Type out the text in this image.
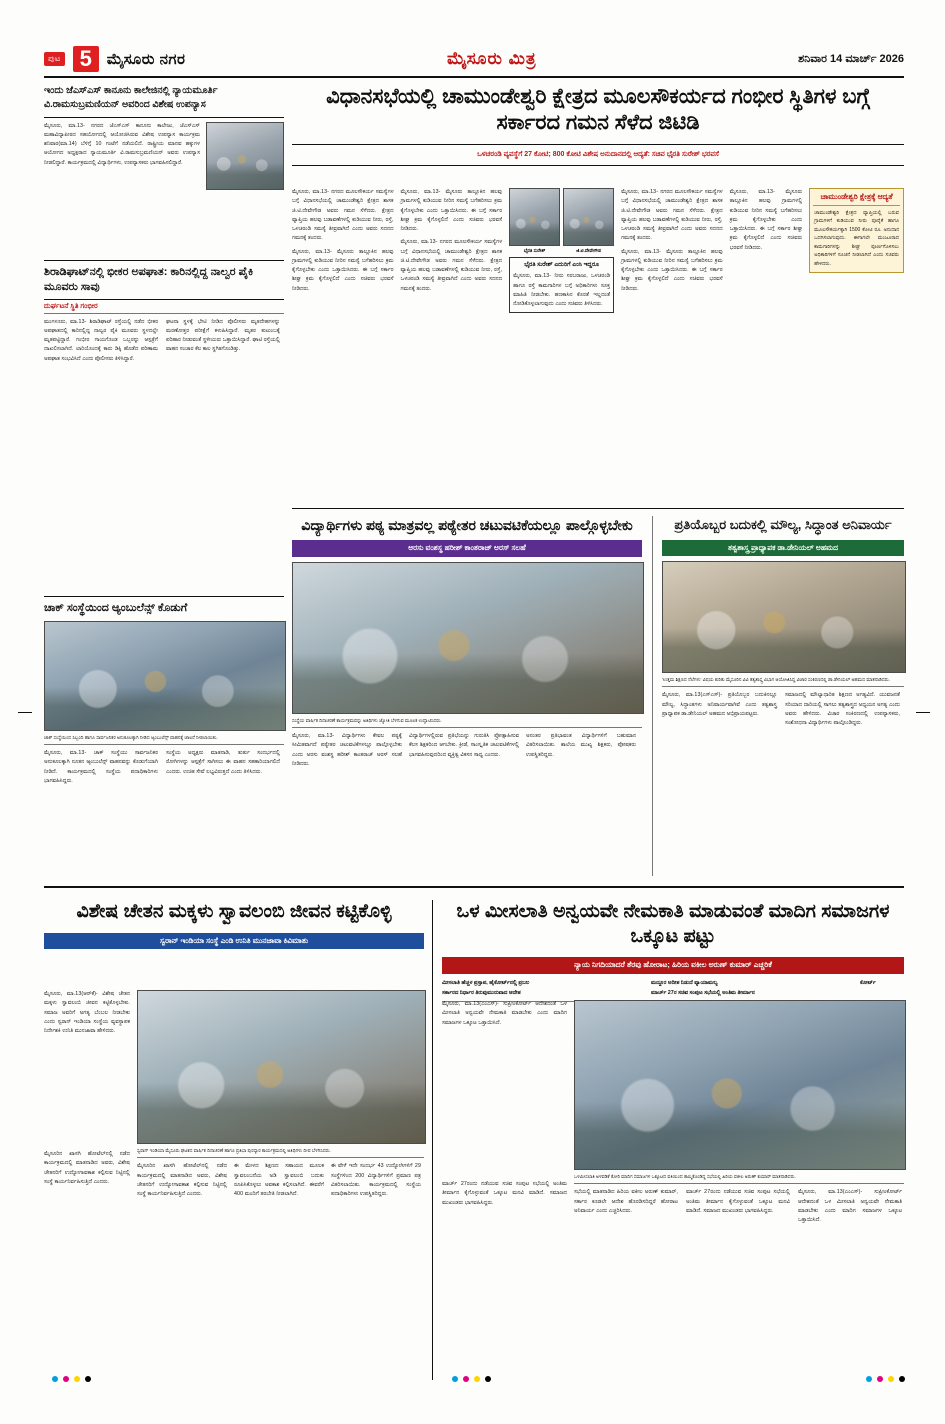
ಪುಟ 5 ಮೈಸೂರು ನಗರ	ಮೈಸೂರು ಮಿತ್ರ	ಶನಿವಾರ 14 ಮಾರ್ಚ್ 2026
ಇಂದು ಜೆಎಸ್‌ಎಸ್ ಕಾನೂನು ಕಾಲೇಜಿನಲ್ಲಿ ನ್ಯಾಯಮೂರ್ತಿ ವಿ.ರಾಮಸುಬ್ರಮಣಿಯನ್ ಅವರಿಂದ ವಿಶೇಷ ಉಪನ್ಯಾಸ
ಮೈಸೂರು, ಮಾ.13- ನಗರದ ಜೆಎಸ್‌ಎಸ್ ಕಾನೂನು ಕಾಲೇಜು, ಜೆಎಸ್‌ಎಸ್ ಮಹಾವಿದ್ಯಾಪೀಠದ ಸಹಯೋಗದಲ್ಲಿ ಆಯೋಜಿಸಿರುವ ವಿಶೇಷ ಉಪನ್ಯಾಸ ಕಾರ್ಯಕ್ರಮ ಶನಿವಾರ(ಮಾ.14) ಬೆಳಿಗ್ಗೆ 10 ಗಂಟೆಗೆ ನಡೆಯಲಿದೆ. ರಾಷ್ಟ್ರೀಯ ಮಾನವ ಹಕ್ಕುಗಳ ಆಯೋಗದ ಅಧ್ಯಕ್ಷರಾದ ನ್ಯಾಯಮೂರ್ತಿ ವಿ.ರಾಮಸುಬ್ರಮಣಿಯನ್ ಅವರು ಉಪನ್ಯಾಸ ನೀಡಲಿದ್ದಾರೆ. ಕಾರ್ಯಕ್ರಮದಲ್ಲಿ ವಿದ್ಯಾರ್ಥಿಗಳು, ಉಪನ್ಯಾಸಕರು ಭಾಗವಹಿಸಲಿದ್ದಾರೆ.
ಶಿರಾಡಿಘಾಟ್‌ನಲ್ಲಿ ಭೀಕರ ಅಪಘಾತ: ಕಾರಿನಲ್ಲಿದ್ದ ನಾಲ್ವರ ಪೈಕಿ ಮೂವರು ಸಾವು
ದುರ್ಘಟನೆ ಸ್ಥಿತಿ ಗಂಭೀರ
ಮಂಗಳೂರು, ಮಾ.13- ಶಿರಾಡಿಘಾಟ್ ರಸ್ತೆಯಲ್ಲಿ ನಡೆದ ಭೀಕರ ಅಪಘಾತದಲ್ಲಿ ಕಾರಿನಲ್ಲಿದ್ದ ನಾಲ್ವರ ಪೈಕಿ ಮೂವರು ಸ್ಥಳದಲ್ಲೇ ಮೃತಪಟ್ಟಿದ್ದಾರೆ. ಗಂಭೀರ ಗಾಯಗೊಂಡ ಒಬ್ಬರನ್ನು ಆಸ್ಪತ್ರೆಗೆ ದಾಖಲಿಸಲಾಗಿದೆ. ಲಾರಿಯೊಂದಕ್ಕೆ ಕಾರು ಡಿಕ್ಕಿ ಹೊಡೆದ ಪರಿಣಾಮ ಅಪಘಾತ ಸಂಭವಿಸಿದೆ ಎಂದು ಪೊಲೀಸರು ತಿಳಿಸಿದ್ದಾರೆ.
ಘಟನಾ ಸ್ಥಳಕ್ಕೆ ಭೇಟಿ ನೀಡಿದ ಪೊಲೀಸರು ಮೃತದೇಹಗಳನ್ನು ಮರಣೋತ್ತರ ಪರೀಕ್ಷೆಗೆ ಕಳುಹಿಸಿದ್ದಾರೆ. ಮೃತರ ಕುಟುಂಬಕ್ಕೆ ಪರಿಹಾರ ನೀಡುವಂತೆ ಸ್ಥಳೀಯರು ಒತ್ತಾಯಿಸಿದ್ದಾರೆ. ಘಾಟಿ ರಸ್ತೆಯಲ್ಲಿ ವಾಹನ ಸಂಚಾರ ಕೆಲ ಕಾಲ ಸ್ಥಗಿತಗೊಂಡಿತ್ತು.
ಚಾಕ್ ಸಂಸ್ಥೆಯಿಂದ ಆ್ಯಂಬುಲೆನ್ಸ್ ಕೊಡುಗೆ
ಚಾಕ್ ಸಂಸ್ಥೆಯಿಂದ ಸಿಬ್ಬಂದಿ ಹಾಗೂ ಸಾರ್ವಜನಿಕರ ಅನುಕೂಲಕ್ಕಾಗಿ ನೀಡಿದ ಆ್ಯಂಬುಲೆನ್ಸ್ ವಾಹನಕ್ಕೆ ಚಾಲನೆ ನೀಡಲಾಯಿತು.
ಮೈಸೂರು, ಮಾ.13- ಚಾಕ್ ಸಂಸ್ಥೆಯು ಸಾರ್ವಜನಿಕರ ಅನುಕೂಲಕ್ಕಾಗಿ ನೂತನ ಆ್ಯಂಬುಲೆನ್ಸ್ ವಾಹನವನ್ನು ಕೊಡುಗೆಯಾಗಿ ನೀಡಿದೆ. ಕಾರ್ಯಕ್ರಮದಲ್ಲಿ ಸಂಸ್ಥೆಯ ಪದಾಧಿಕಾರಿಗಳು ಭಾಗವಹಿಸಿದ್ದರು.
ಸಂಸ್ಥೆಯ ಅಧ್ಯಕ್ಷರು ಮಾತನಾಡಿ, ತುರ್ತು ಸಂದರ್ಭದಲ್ಲಿ ರೋಗಿಗಳನ್ನು ಆಸ್ಪತ್ರೆಗೆ ಸಾಗಿಸಲು ಈ ವಾಹನ ಸಹಕಾರಿಯಾಗಲಿದೆ ಎಂದರು. ಉಚಿತ ಸೇವೆ ಲಭ್ಯವಿರುತ್ತದೆ ಎಂದು ತಿಳಿಸಿದರು.
ವಿಧಾನಸಭೆಯಲ್ಲಿ ಚಾಮುಂಡೇಶ್ವರಿ ಕ್ಷೇತ್ರದ ಮೂಲಸೌಕರ್ಯದ ಗಂಭೀರ ಸ್ಥಿತಿಗಳ ಬಗ್ಗೆ ಸರ್ಕಾರದ ಗಮನ ಸೆಳೆದ ಜಿಟಿಡಿ
ಒಳಚರಂಡಿ ವ್ಯವಸ್ಥೆಗೆ 27 ಕೋಟಿ; 800 ಕೋಟಿ ವಿಶೇಷ ಅನುದಾನದಲ್ಲಿ ಆದ್ಯತೆ: ಸಚಿವ ಭೈರತಿ ಸುರೇಶ್ ಭರವಸೆ
ಮೈಸೂರು, ಮಾ.13- ನಗರದ ಮೂಲಸೌಕರ್ಯ ಸಮಸ್ಯೆಗಳ ಬಗ್ಗೆ ವಿಧಾನಸಭೆಯಲ್ಲಿ ಚಾಮುಂಡೇಶ್ವರಿ ಕ್ಷೇತ್ರದ ಶಾಸಕ ಜಿ.ಟಿ.ದೇವೇಗೌಡ ಅವರು ಗಮನ ಸೆಳೆದರು. ಕ್ಷೇತ್ರದ ವ್ಯಾಪ್ತಿಯ ಹಲವು ಬಡಾವಣೆಗಳಲ್ಲಿ ಕುಡಿಯುವ ನೀರು, ರಸ್ತೆ, ಒಳಚರಂಡಿ ಸಮಸ್ಯೆ ತೀವ್ರವಾಗಿದೆ ಎಂದು ಅವರು ಸದನದ ಗಮನಕ್ಕೆ ತಂದರು.
ಮೈಸೂರು, ಮಾ.13- ಮೈಸೂರು ತಾಲ್ಲೂಕಿನ ಹಲವು ಗ್ರಾಮಗಳಲ್ಲಿ ಕುಡಿಯುವ ನೀರಿನ ಸಮಸ್ಯೆ ಬಗೆಹರಿಸಲು ಕ್ರಮ ಕೈಗೊಳ್ಳಬೇಕು ಎಂದು ಒತ್ತಾಯಿಸಿದರು. ಈ ಬಗ್ಗೆ ಸರ್ಕಾರ ಶೀಘ್ರ ಕ್ರಮ ಕೈಗೊಳ್ಳಲಿದೆ ಎಂದು ಸಚಿವರು ಭರವಸೆ ನೀಡಿದರು.
ಮೈಸೂರು, ಮಾ.13- ಮೈಸೂರು ತಾಲ್ಲೂಕಿನ ಹಲವು ಗ್ರಾಮಗಳಲ್ಲಿ ಕುಡಿಯುವ ನೀರಿನ ಸಮಸ್ಯೆ ಬಗೆಹರಿಸಲು ಕ್ರಮ ಕೈಗೊಳ್ಳಬೇಕು ಎಂದು ಒತ್ತಾಯಿಸಿದರು. ಈ ಬಗ್ಗೆ ಸರ್ಕಾರ ಶೀಘ್ರ ಕ್ರಮ ಕೈಗೊಳ್ಳಲಿದೆ ಎಂದು ಸಚಿವರು ಭರವಸೆ ನೀಡಿದರು.
ಮೈಸೂರು, ಮಾ.13- ನಗರದ ಮೂಲಸೌಕರ್ಯ ಸಮಸ್ಯೆಗಳ ಬಗ್ಗೆ ವಿಧಾನಸಭೆಯಲ್ಲಿ ಚಾಮುಂಡೇಶ್ವರಿ ಕ್ಷೇತ್ರದ ಶಾಸಕ ಜಿ.ಟಿ.ದೇವೇಗೌಡ ಅವರು ಗಮನ ಸೆಳೆದರು. ಕ್ಷೇತ್ರದ ವ್ಯಾಪ್ತಿಯ ಹಲವು ಬಡಾವಣೆಗಳಲ್ಲಿ ಕುಡಿಯುವ ನೀರು, ರಸ್ತೆ, ಒಳಚರಂಡಿ ಸಮಸ್ಯೆ ತೀವ್ರವಾಗಿದೆ ಎಂದು ಅವರು ಸದನದ ಗಮನಕ್ಕೆ ತಂದರು.
ಭೈರತಿ ಸುರೇಶ್	ಜಿ.ಟಿ.ದೇವೇಗೌಡ
ಭೈರತಿ ಸುರೇಶ್ ಎದುರಿಗೆ ಎಂಸಿ ಇದ್ದರೂ
ಮೈಸೂರು, ಮಾ.13- ನೀರು ಸರಬರಾಜು, ಒಳಚರಂಡಿ ಹಾಗೂ ರಸ್ತೆ ಕಾಮಗಾರಿಗಳ ಬಗ್ಗೆ ಅಧಿಕಾರಿಗಳು ಸೂಕ್ತ ಮಾಹಿತಿ ನೀಡಬೇಕು. ಹಣಕಾಸಿನ ಕೊರತೆ ಇಲ್ಲದಂತೆ ನೋಡಿಕೊಳ್ಳಲಾಗುವುದು ಎಂದು ಸಚಿವರು ತಿಳಿಸಿದರು.
ಮೈಸೂರು, ಮಾ.13- ನಗರದ ಮೂಲಸೌಕರ್ಯ ಸಮಸ್ಯೆಗಳ ಬಗ್ಗೆ ವಿಧಾನಸಭೆಯಲ್ಲಿ ಚಾಮುಂಡೇಶ್ವರಿ ಕ್ಷೇತ್ರದ ಶಾಸಕ ಜಿ.ಟಿ.ದೇವೇಗೌಡ ಅವರು ಗಮನ ಸೆಳೆದರು. ಕ್ಷೇತ್ರದ ವ್ಯಾಪ್ತಿಯ ಹಲವು ಬಡಾವಣೆಗಳಲ್ಲಿ ಕುಡಿಯುವ ನೀರು, ರಸ್ತೆ, ಒಳಚರಂಡಿ ಸಮಸ್ಯೆ ತೀವ್ರವಾಗಿದೆ ಎಂದು ಅವರು ಸದನದ ಗಮನಕ್ಕೆ ತಂದರು.
ಮೈಸೂರು, ಮಾ.13- ಮೈಸೂರು ತಾಲ್ಲೂಕಿನ ಹಲವು ಗ್ರಾಮಗಳಲ್ಲಿ ಕುಡಿಯುವ ನೀರಿನ ಸಮಸ್ಯೆ ಬಗೆಹರಿಸಲು ಕ್ರಮ ಕೈಗೊಳ್ಳಬೇಕು ಎಂದು ಒತ್ತಾಯಿಸಿದರು. ಈ ಬಗ್ಗೆ ಸರ್ಕಾರ ಶೀಘ್ರ ಕ್ರಮ ಕೈಗೊಳ್ಳಲಿದೆ ಎಂದು ಸಚಿವರು ಭರವಸೆ ನೀಡಿದರು.
ಮೈಸೂರು, ಮಾ.13- ಮೈಸೂರು ತಾಲ್ಲೂಕಿನ ಹಲವು ಗ್ರಾಮಗಳಲ್ಲಿ ಕುಡಿಯುವ ನೀರಿನ ಸಮಸ್ಯೆ ಬಗೆಹರಿಸಲು ಕ್ರಮ ಕೈಗೊಳ್ಳಬೇಕು ಎಂದು ಒತ್ತಾಯಿಸಿದರು. ಈ ಬಗ್ಗೆ ಸರ್ಕಾರ ಶೀಘ್ರ ಕ್ರಮ ಕೈಗೊಳ್ಳಲಿದೆ ಎಂದು ಸಚಿವರು ಭರವಸೆ ನೀಡಿದರು.
ಚಾಮುಂಡೇಶ್ವರಿ ಕ್ಷೇತ್ರಕ್ಕೆ ಆದ್ಯತೆ
ಚಾಮುಂಡೇಶ್ವರಿ ಕ್ಷೇತ್ರದ ವ್ಯಾಪ್ತಿಯಲ್ಲಿ ಬರುವ ಗ್ರಾಮಗಳಿಗೆ ಕುಡಿಯುವ ನೀರು ಪೂರೈಕೆ ಹಾಗೂ ಮೂಲಸೌಕರ್ಯಕ್ಕಾಗಿ 1500 ಕೋಟಿ ರೂ. ಅನುದಾನ ಒದಗಿಸಲಾಗುವುದು. ಈಗಾಗಲೇ ಮಂಜೂರಾದ ಕಾಮಗಾರಿಗಳನ್ನು ಶೀಘ್ರ ಪೂರ್ಣಗೊಳಿಸಲು ಅಧಿಕಾರಿಗಳಿಗೆ ಸೂಚನೆ ನೀಡಲಾಗಿದೆ ಎಂದು ಸಚಿವರು ಹೇಳಿದರು.
ವಿದ್ಯಾರ್ಥಿಗಳು ಪಠ್ಯ ಮಾತ್ರವಲ್ಲ ಪಠ್ಯೇತರ ಚಟುವಟಿಕೆಯಲ್ಲೂ ಪಾಲ್ಗೊಳ್ಳಬೇಕು
ಅರಸು ವಂಶಸ್ಥ ಹರೀಶ್ ಕಾಂತರಾಜ್ ಅರಸ್ ಸಲಹೆ
ಸಂಸ್ಥೆಯ ವಾರ್ಷಿಕ ದಿನಾಚರಣೆ ಕಾರ್ಯಕ್ರಮವನ್ನು ಅತಿಥಿಗಳು ಜ್ಯೋತಿ ಬೆಳಗುವ ಮೂಲಕ ಉದ್ಘಾಟಿಸಿದರು.
ಮೈಸೂರು, ಮಾ.13- ವಿದ್ಯಾರ್ಥಿಗಳು ಕೇವಲ ಪಠ್ಯಕ್ಕೆ ಸೀಮಿತವಾಗದೆ ಪಠ್ಯೇತರ ಚಟುವಟಿಕೆಗಳಲ್ಲೂ ಪಾಲ್ಗೊಳ್ಳಬೇಕು ಎಂದು ಅರಸು ವಂಶಸ್ಥ ಹರೀಶ್ ಕಾಂತರಾಜ್ ಅರಸ್ ಸಲಹೆ ನೀಡಿದರು.
ವಿದ್ಯಾರ್ಥಿಗಳಲ್ಲಿರುವ ಪ್ರತಿಭೆಯನ್ನು ಗುರುತಿಸಿ ಪ್ರೋತ್ಸಾಹಿಸುವ ಕೆಲಸ ಶಿಕ್ಷಕರಿಂದ ಆಗಬೇಕು. ಕ್ರೀಡೆ, ಸಾಂಸ್ಕೃತಿಕ ಚಟುವಟಿಕೆಗಳಲ್ಲಿ ಭಾಗವಹಿಸುವುದರಿಂದ ವ್ಯಕ್ತಿತ್ವ ವಿಕಸನ ಸಾಧ್ಯ ಎಂದರು.
ಅನಂತರ ಪ್ರತಿಭಾವಂತ ವಿದ್ಯಾರ್ಥಿಗಳಿಗೆ ಬಹುಮಾನ ವಿತರಿಸಲಾಯಿತು. ಶಾಲೆಯ ಮುಖ್ಯ ಶಿಕ್ಷಕರು, ಪೋಷಕರು ಉಪಸ್ಥಿತರಿದ್ದರು.
ಪ್ರತಿಯೊಬ್ಬರ ಬದುಕಲ್ಲಿ ಮೌಲ್ಯ, ಸಿದ್ಧಾಂತ ಅನಿವಾರ್ಯ
ತತ್ವಶಾಸ್ತ್ರ ಪ್ರಾಧ್ಯಾಪಕ ಡಾ.ಡೇನಿಯಲ್ ಅಹಮದ
'ಉತ್ತಮ ಶಿಕ್ಷಣದ ನೆಲೆಗಳು' ವಿಷಯ ಕುರಿತು ಮೈಸೂರಿನ ವಿವಿ ತತ್ವಶಾಸ್ತ್ರ ವಿಭಾಗ ಆಯೋಜಿಸಿದ್ದ ವಿಚಾರ ಸಂಕಿರಣದಲ್ಲಿ ಡಾ.ಡೇನಿಯಲ್ ಅಹಮದ ಮಾತನಾಡಿದರು.
ಮೈಸೂರು, ಮಾ.13(ಎಸ್‌ಎಸ್)- ಪ್ರತಿಯೊಬ್ಬರ ಬದುಕಿನಲ್ಲೂ ಮೌಲ್ಯ, ಸಿದ್ಧಾಂತಗಳು ಅನಿವಾರ್ಯವಾಗಿವೆ ಎಂದು ತತ್ವಶಾಸ್ತ್ರ ಪ್ರಾಧ್ಯಾಪಕ ಡಾ.ಡೇನಿಯಲ್ ಅಹಮದ ಅಭಿಪ್ರಾಯಪಟ್ಟರು.
ಸಮಾಜದಲ್ಲಿ ಮೌಲ್ಯಾಧಾರಿತ ಶಿಕ್ಷಣದ ಅಗತ್ಯವಿದೆ. ಯುವಜನತೆ ಸರಿಯಾದ ದಾರಿಯಲ್ಲಿ ಸಾಗಲು ತತ್ವಶಾಸ್ತ್ರದ ಅಧ್ಯಯನ ಅಗತ್ಯ ಎಂದು ಅವರು ಹೇಳಿದರು. ವಿಚಾರ ಸಂಕಿರಣದಲ್ಲಿ ಉಪನ್ಯಾಸಕರು, ಸಂಶೋಧನಾ ವಿದ್ಯಾರ್ಥಿಗಳು ಪಾಲ್ಗೊಂಡಿದ್ದರು.
ವಿಶೇಷ ಚೇತನ ಮಕ್ಕಳು ಸ್ವಾವಲಂಬಿ ಜೀವನ ಕಟ್ಟಿಕೊಳ್ಳಿ
ಸ್ವರಾನ್ ಇಂಡಿಯಾ ಸಂಸ್ಥೆ ಎಂಡಿ ಉನಿತಿ ಮುನಜಾವಾ ಕಿವಿಮಾತು
ಮೈಸೂರು, ಮಾ.13(ಆರ್‌ಕೆ)- ವಿಶೇಷ ಚೇತನ ಮಕ್ಕಳು ಸ್ವಾವಲಂಬಿ ಜೀವನ ಕಟ್ಟಿಕೊಳ್ಳಬೇಕು. ಸಮಾಜ ಅವರಿಗೆ ಅಗತ್ಯ ಬೆಂಬಲ ನೀಡಬೇಕು ಎಂದು ಸ್ವರಾನ್ ಇಂಡಿಯಾ ಸಂಸ್ಥೆಯ ವ್ಯವಸ್ಥಾಪಕ ನಿರ್ದೇಶಕಿ ಉನಿತಿ ಮುನಜಾವಾ ಹೇಳಿದರು.
ಸ್ವರಾನ್ ಇಂಡಿಯಾ ಮೈಸೂರು ಘಟಕದ ವಾರ್ಷಿಕ ದಿನಾಚರಣೆ ಹಾಗೂ ಪ್ರತಿಭಾ ಪುರಸ್ಕಾರ ಕಾರ್ಯಕ್ರಮದಲ್ಲಿ ಅತಿಥಿಗಳು ದೀಪ ಬೆಳಗಿಸಿದರು.
ಮೈಸೂರಿನ ಖಾಸಗಿ ಹೋಟೆಲ್‌ನಲ್ಲಿ ನಡೆದ ಕಾರ್ಯಕ್ರಮದಲ್ಲಿ ಮಾತನಾಡಿದ ಅವರು, ವಿಶೇಷ ಚೇತನರಿಗೆ ಉದ್ಯೋಗಾವಕಾಶ ಕಲ್ಪಿಸುವ ನಿಟ್ಟಿನಲ್ಲಿ ಸಂಸ್ಥೆ ಕಾರ್ಯನಿರ್ವಹಿಸುತ್ತಿದೆ ಎಂದರು.
ಈ ಮೇಳದ ಶಿಕ್ಷಣದ ಸಹಾಯದ ಮೂಲಕ ಸ್ವಾವಲಂಬನೆಯ ಅಡಿ ಸ್ವಾವಲಂಬಿ ಬದುಕು ರೂಪಿಸಿಕೊಳ್ಳಲು ಅವಕಾಶ ಕಲ್ಪಿಸಲಾಗಿದೆ. ಈವರೆಗೆ 400 ಮಂದಿಗೆ ತರಬೇತಿ ನೀಡಲಾಗಿದೆ.
ಈ ವೇಳೆ ಇದೇ ಸಂದರ್ಭ 43 ಉದ್ಯೋಗಿಗಳಿಗೆ 29 ಸಂಸ್ಥೆಗಳಿಂದ 200 ವಿದ್ಯಾರ್ಥಿಗಳಿಗೆ ಪ್ರಮಾಣ ಪತ್ರ ವಿತರಿಸಲಾಯಿತು. ಕಾರ್ಯಕ್ರಮದಲ್ಲಿ ಸಂಸ್ಥೆಯ ಪದಾಧಿಕಾರಿಗಳು ಉಪಸ್ಥಿತರಿದ್ದರು.
ಮೈಸೂರಿನ ಖಾಸಗಿ ಹೋಟೆಲ್‌ನಲ್ಲಿ ನಡೆದ ಕಾರ್ಯಕ್ರಮದಲ್ಲಿ ಮಾತನಾಡಿದ ಅವರು, ವಿಶೇಷ ಚೇತನರಿಗೆ ಉದ್ಯೋಗಾವಕಾಶ ಕಲ್ಪಿಸುವ ನಿಟ್ಟಿನಲ್ಲಿ ಸಂಸ್ಥೆ ಕಾರ್ಯನಿರ್ವಹಿಸುತ್ತಿದೆ ಎಂದರು.
ಒಳ ಮೀಸಲಾತಿ ಅನ್ವಯವೇ ನೇಮಕಾತಿ ಮಾಡುವಂತೆ ಮಾದಿಗ ಸಮಾಜಗಳ ಒಕ್ಕೂಟ ಪಟ್ಟು
ನ್ಯಾಯ ನಿಗದಿಯಾದರೆ ತೆರವು ಹೋರಾಟ; ಹಿರಿಯ ವಕೀಲ ಅರುಣ್ ಕುಮಾರ್ ಎಚ್ಚರಿಕೆ
ಮೀಸಲಾತಿ ಹೆಚ್ಚಳ ಪ್ರಸ್ತಾಪ, ಹೈಕೋರ್ಟ್‌ನಲ್ಲಿ ಪ್ರಬಲ
ಸರ್ಕಾರದ ನಿರ್ಧಾರ ತಿರುವುಮುರುವಾದ ಆದೇಶ
ಮದ್ದೂರ ಅದೀಶ ನಿಡುದೆ ವ್ಯಾಯಾಮಲ್ಯ
ಮಾರ್ಚ್ 27ರ ಸಚಿವ ಸಂಪುಟ ಸಭೆಯಲ್ಲಿ ಅಂತಿಮ ತೀರ್ಮಾನ
ಕೋರ್ಟ್
ಮೈಸೂರು, ಮಾ.13(ಎಂಎಸ್)- ಸುಪ್ರೀಂಕೋರ್ಟ್ ಆದೇಶದಂತೆ ಒಳ ಮೀಸಲಾತಿ ಅನ್ವಯವೇ ನೇಮಕಾತಿ ಮಾಡಬೇಕು ಎಂದು ಮಾದಿಗ ಸಮಾಜಗಳ ಒಕ್ಕೂಟ ಒತ್ತಾಯಿಸಿದೆ.
ಒಳಮೀಸಲಾತಿ ಅಳವಡಿಕೆ ಕೋರಿ ಮಾದಿಗ ಸಮಾಜಗಳ ಒಕ್ಕೂಟದ ವತಿಯಿಂದ ಹಮ್ಮಿಕೊಂಡಿದ್ದ ಸಭೆಯಲ್ಲಿ ಹಿರಿಯ ವಕೀಲ ಅರುಣ್ ಕುಮಾರ್ ಮಾತನಾಡಿದರು.
ಸಭೆಯಲ್ಲಿ ಮಾತನಾಡಿದ ಹಿರಿಯ ವಕೀಲ ಅರುಣ್ ಕುಮಾರ್, ಸರ್ಕಾರ ಕೂಡಲೇ ಆದೇಶ ಹೊರಡಿಸದಿದ್ದರೆ ಹೋರಾಟ ಅನಿವಾರ್ಯ ಎಂದು ಎಚ್ಚರಿಸಿದರು.
ಮಾರ್ಚ್ 27ರಂದು ನಡೆಯುವ ಸಚಿವ ಸಂಪುಟ ಸಭೆಯಲ್ಲಿ ಅಂತಿಮ ತೀರ್ಮಾನ ಕೈಗೊಳ್ಳುವಂತೆ ಒಕ್ಕೂಟ ಮನವಿ ಮಾಡಿದೆ. ಸಮಾಜದ ಮುಖಂಡರು ಭಾಗವಹಿಸಿದ್ದರು.
ಮೈಸೂರು, ಮಾ.13(ಎಂಎಸ್)- ಸುಪ್ರೀಂಕೋರ್ಟ್ ಆದೇಶದಂತೆ ಒಳ ಮೀಸಲಾತಿ ಅನ್ವಯವೇ ನೇಮಕಾತಿ ಮಾಡಬೇಕು ಎಂದು ಮಾದಿಗ ಸಮಾಜಗಳ ಒಕ್ಕೂಟ ಒತ್ತಾಯಿಸಿದೆ.
ಮಾರ್ಚ್ 27ರಂದು ನಡೆಯುವ ಸಚಿವ ಸಂಪುಟ ಸಭೆಯಲ್ಲಿ ಅಂತಿಮ ತೀರ್ಮಾನ ಕೈಗೊಳ್ಳುವಂತೆ ಒಕ್ಕೂಟ ಮನವಿ ಮಾಡಿದೆ. ಸಮಾಜದ ಮುಖಂಡರು ಭಾಗವಹಿಸಿದ್ದರು.
